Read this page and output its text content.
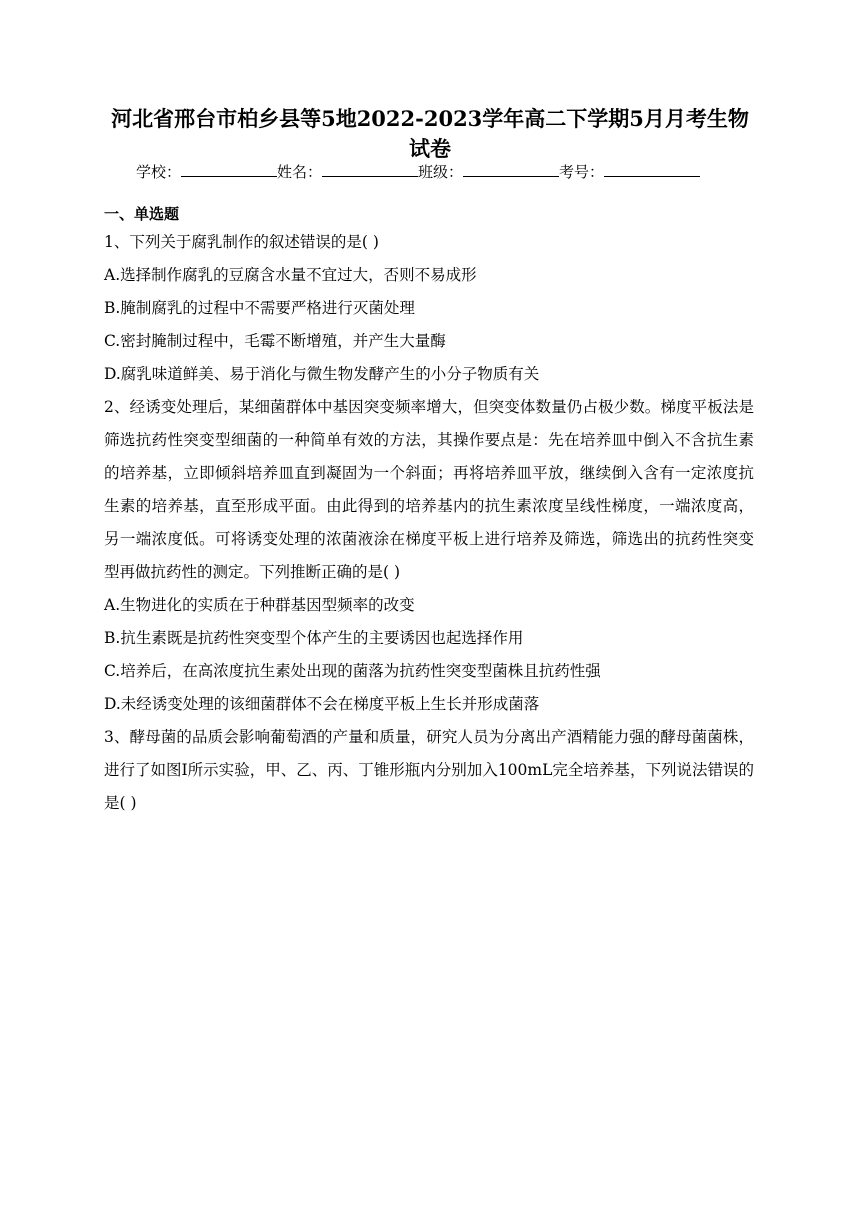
河北省邢台市柏乡县等5地2022-2023学年高二下学期5月月考生物
试卷
学校：	姓名：	班级：	考号：
一、单选题

1、下列关于腐乳制作的叙述错误的是( )

A.选择制作腐乳的豆腐含水量不宜过大，否则不易成形

B.腌制腐乳的过程中不需要严格进行灭菌处理

C.密封腌制过程中，毛霉不断增殖，并产生大量酶

D.腐乳味道鲜美、易于消化与微生物发酵产生的小分子物质有关

2、经诱变处理后，某细菌群体中基因突变频率增大，但突变体数量仍占极少数。梯度平板法是筛选抗药性突变型细菌的一种简单有效的方法，其操作要点是：先在培养皿中倒入不含抗生素的培养基，立即倾斜培养皿直到凝固为一个斜面；再将培养皿平放，继续倒入含有一定浓度抗生素的培养基，直至形成平面。由此得到的培养基内的抗生素浓度呈线性梯度，一端浓度高，另一端浓度低。可将诱变处理的浓菌液涂在梯度平板上进行培养及筛选，筛选出的抗药性突变型再做抗药性的测定。下列推断正确的是( )

A.生物进化的实质在于种群基因型频率的改变

B.抗生素既是抗药性突变型个体产生的主要诱因也起选择作用

C.培养后，在高浓度抗生素处出现的菌落为抗药性突变型菌株且抗药性强

D.未经诱变处理的该细菌群体不会在梯度平板上生长并形成菌落

3、酵母菌的品质会影响葡萄酒的产量和质量，研究人员为分离出产酒精能力强的酵母菌菌株，进行了如图I所示实验，甲、乙、丙、丁锥形瓶内分别加入100mL完全培养基，下列说法错误的是( )
